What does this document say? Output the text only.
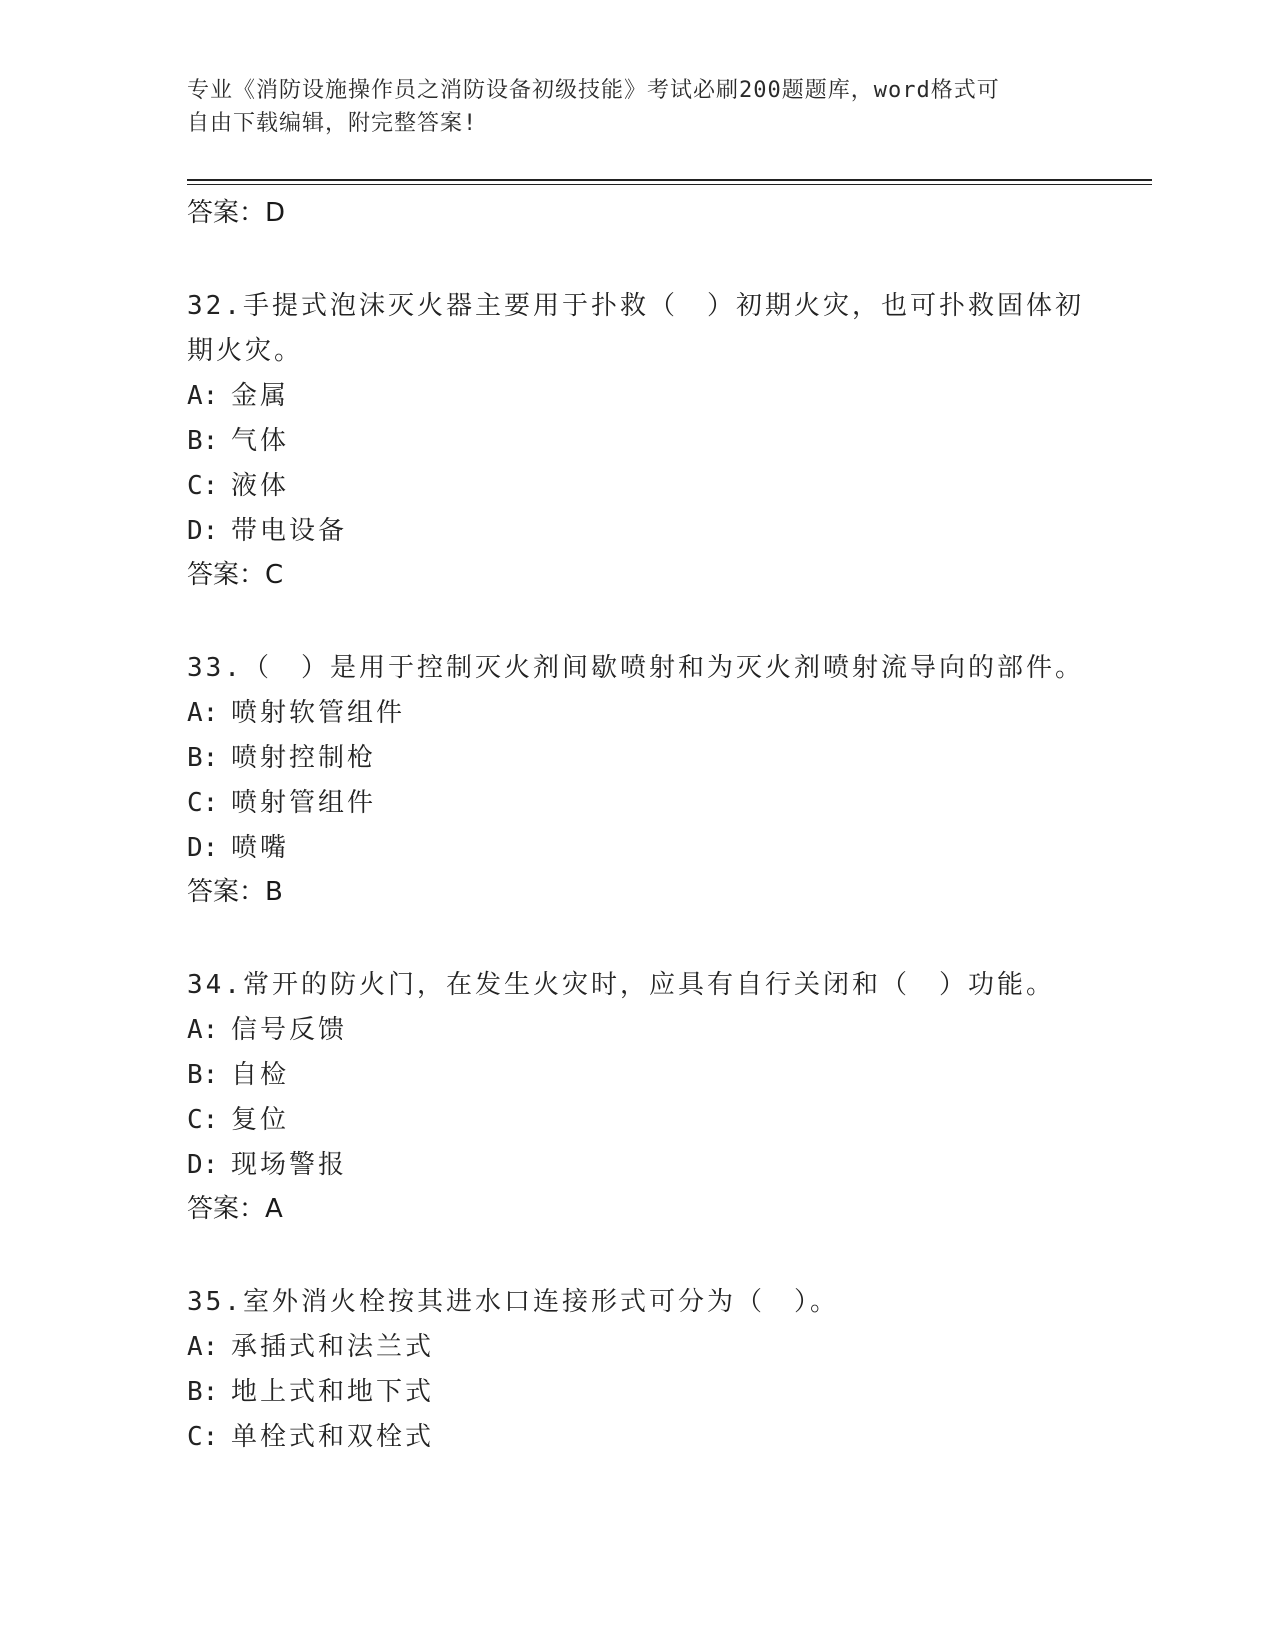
专业《消防设施操作员之消防设备初级技能》考试必刷200题题库，word格式可
自由下载编辑，附完整答案!
答案：D
32.手提式泡沫灭火器主要用于扑救（　）初期火灾，也可扑救固体初
期火灾。
A: 金属
B: 气体
C: 液体
D: 带电设备
答案：C
33.（　）是用于控制灭火剂间歇喷射和为灭火剂喷射流导向的部件。
A: 喷射软管组件
B: 喷射控制枪
C: 喷射管组件
D: 喷嘴
答案：B
34.常开的防火门，在发生火灾时，应具有自行关闭和（　）功能。
A: 信号反馈
B: 自检
C: 复位
D: 现场警报
答案：A
35.室外消火栓按其进水口连接形式可分为（　）。
A: 承插式和法兰式
B: 地上式和地下式
C: 单栓式和双栓式
